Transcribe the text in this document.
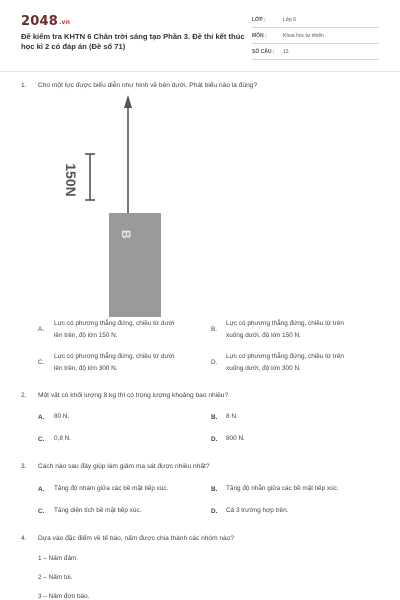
2048.vn
Đề kiểm tra KHTN 6 Chân trời sáng tạo Phần 3. Đề thi kết thúc học kì 2 có đáp án (Đề số 71)
LỚP :	Lớp 6
MÔN :	Khoa học tự nhiên
SỐ CÂU : 13
1. Cho một lực được biểu diễn như hình vẽ bên dưới. Phát biểu nào là đúng?
150N
B
A.
Lực có phương thẳng đứng, chiều từ dưới
lên trên, độ lớn 150 N.
B.
Lực có phương thẳng đứng, chiều từ trên
xuống dưới, độ lớn 150 N.
C.
Lực có phương thẳng đứng, chiều từ dưới
lên trên, độ lớn 300 N.
D.
Lực có phương thẳng đứng, chiều từ trên
xuống dưới, độ lớn 300 N.
2. Một vật có khối lượng 8 kg thì có trọng lượng khoảng bao nhiêu?
A. 80 N.	B. 8 N.
C. 0,8 N.	D. 800 N.
3. Cách nào sau đây giúp làm giảm ma sát được nhiều nhất?
A. Tăng độ nhám giữa các bề mặt tiếp xúc.	B. Tăng độ nhẵn giữa các bề mặt tiếp xúc.
C. Tăng diện tích bề mặt tiếp xúc.	D. Cả 3 trường hợp trên.
4. Dựa vào đặc điểm về tế bào, nấm được chia thành các nhóm nào?
1 – Nấm đảm.
2 – Nấm túi.
3 – Nấm đơn bào.
